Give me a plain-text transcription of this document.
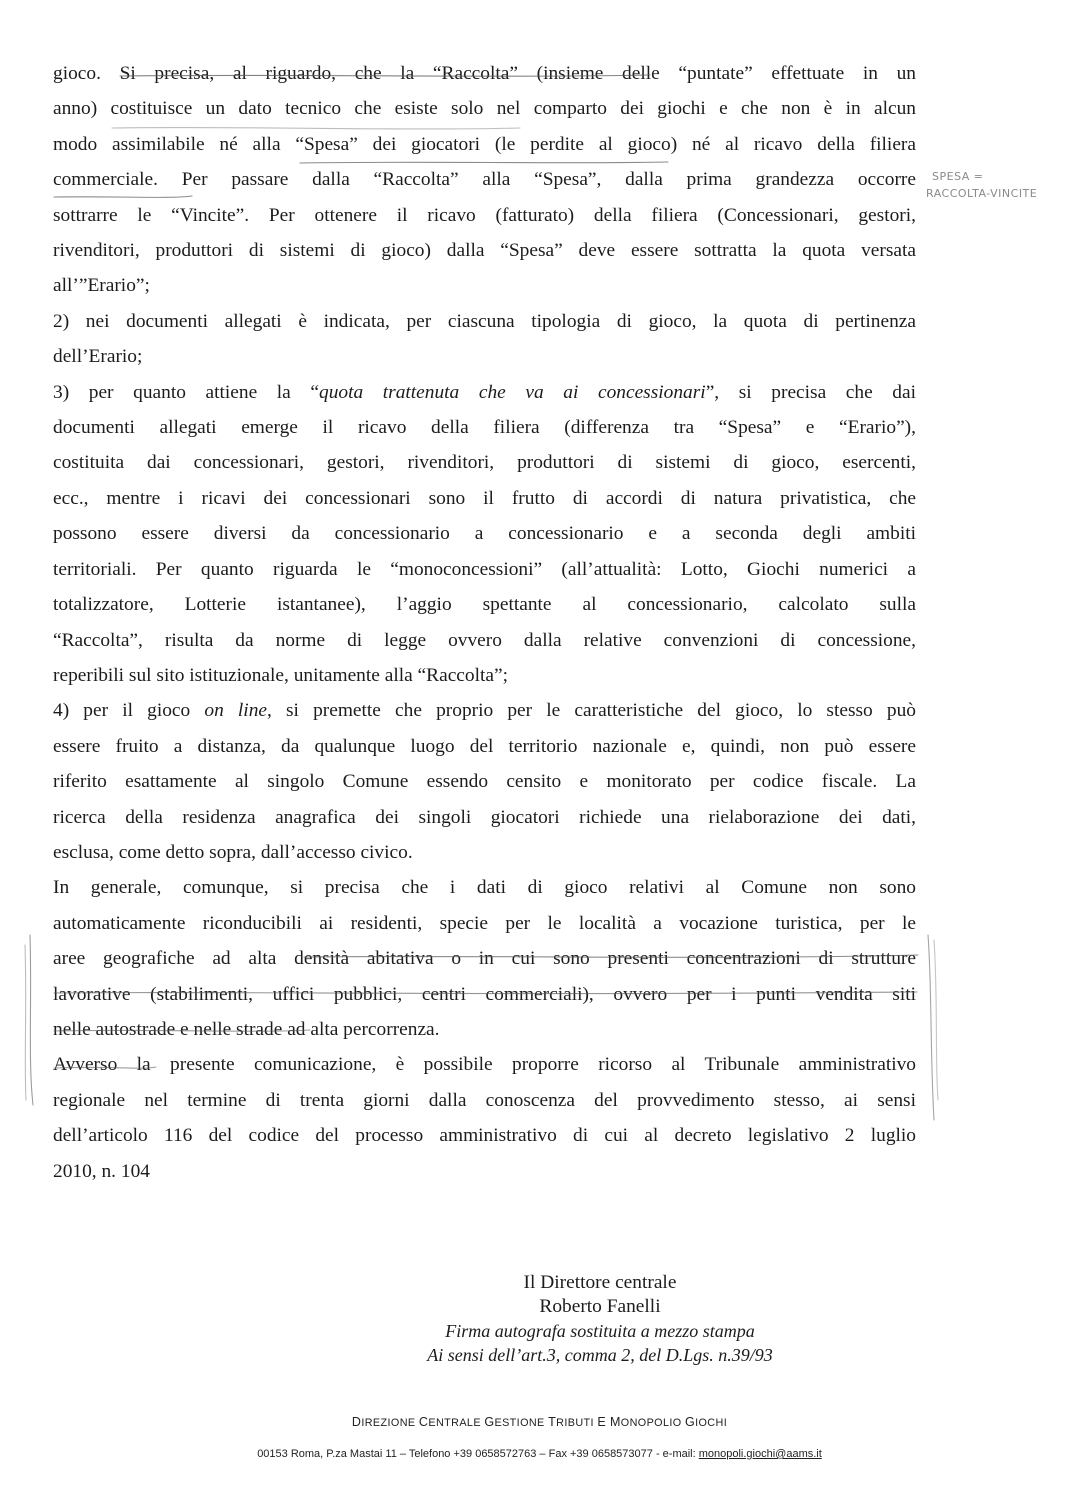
gioco. Si precisa, al riguardo, che la “Raccolta” (insieme delle “puntate” effettuate in un
anno) costituisce un dato tecnico che esiste solo nel comparto dei giochi e che non è in alcun
modo assimilabile né alla “Spesa” dei giocatori (le perdite al gioco) né al ricavo della filiera
commerciale. Per passare dalla “Raccolta” alla “Spesa”, dalla prima grandezza occorre
sottrarre le “Vincite”. Per ottenere il ricavo (fatturato) della filiera (Concessionari, gestori,
rivenditori, produttori di sistemi di gioco) dalla “Spesa” deve essere sottratta la quota versata
all’”Erario”;
2) nei documenti allegati è indicata, per ciascuna tipologia di gioco, la quota di pertinenza
dell’Erario;
3) per quanto attiene la “quota trattenuta che va ai concessionari”, si precisa che dai
documenti allegati emerge il ricavo della filiera (differenza tra “Spesa” e “Erario”),
costituita dai concessionari, gestori, rivenditori, produttori di sistemi di gioco, esercenti,
ecc., mentre i ricavi dei concessionari sono il frutto di accordi di natura privatistica, che
possono essere diversi da concessionario a concessionario e a seconda degli ambiti
territoriali. Per quanto riguarda le “monoconcessioni” (all’attualità: Lotto, Giochi numerici a
totalizzatore, Lotterie istantanee), l’aggio spettante al concessionario, calcolato sulla
“Raccolta”, risulta da norme di legge ovvero dalla relative convenzioni di concessione,
reperibili sul sito istituzionale, unitamente alla “Raccolta”;
4) per il gioco on line, si premette che proprio per le caratteristiche del gioco, lo stesso può
essere fruito a distanza, da qualunque luogo del territorio nazionale e, quindi, non può essere
riferito esattamente al singolo Comune essendo censito e monitorato per codice fiscale. La
ricerca della residenza anagrafica dei singoli giocatori richiede una rielaborazione dei dati,
esclusa, come detto sopra, dall’accesso civico.
In generale, comunque, si precisa che i dati di gioco relativi al Comune non sono
automaticamente riconducibili ai residenti, specie per le località a vocazione turistica, per le
aree geografiche ad alta densità abitativa o in cui sono presenti concentrazioni di strutture
lavorative (stabilimenti, uffici pubblici, centri commerciali), ovvero per i punti vendita siti
nelle autostrade e nelle strade ad alta percorrenza.
Avverso la presente comunicazione, è possibile proporre ricorso al Tribunale amministrativo
regionale nel termine di trenta giorni dalla conoscenza del provvedimento stesso, ai sensi
dell’articolo 116 del codice del processo amministrativo di cui al decreto legislativo 2 luglio
2010, n. 104
Il Direttore centrale
Roberto Fanelli
Firma autografa sostituita a mezzo stampa
Ai sensi dell’art.3, comma 2, del D.Lgs. n.39/93
SPESA =
RACCOLTA-VINCITE
DIREZIONE CENTRALE GESTIONE TRIBUTI E MONOPOLIO GIOCHI
00153 Roma, P.za Mastai 11 – Telefono +39 0658572763 – Fax +39 0658573077 - e-mail: monopoli.giochi@aams.it
